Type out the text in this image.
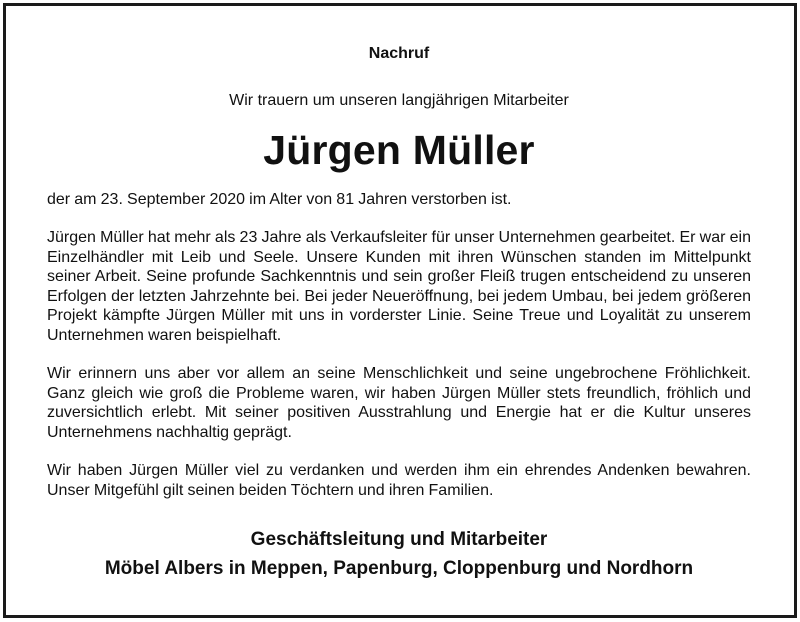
Nachruf
Wir trauern um unseren langjährigen Mitarbeiter
Jürgen Müller
der am 23. September 2020 im Alter von 81 Jahren verstorben ist.
Jürgen Müller hat mehr als 23 Jahre als Verkaufsleiter für unser Unternehmen gearbeitet. Er war ein Einzelhändler mit Leib und Seele. Unsere Kunden mit ihren Wünschen standen im Mittelpunkt seiner Arbeit. Seine profunde Sachkenntnis und sein großer Fleiß trugen entscheidend zu unseren Erfolgen der letzten Jahrzehnte bei. Bei jeder Neueröffnung, bei jedem Umbau, bei jedem größeren Projekt kämpfte Jürgen Müller mit uns in vorderster Linie. Seine Treue und Loyalität zu unserem Unternehmen waren beispielhaft.
Wir erinnern uns aber vor allem an seine Menschlichkeit und seine ungebrochene Fröhlichkeit. Ganz gleich wie groß die Probleme waren, wir haben Jürgen Müller stets freundlich, fröhlich und zuversichtlich erlebt. Mit seiner positiven Ausstrahlung und Energie hat er die Kultur unseres Unternehmens nachhaltig geprägt.
Wir haben Jürgen Müller viel zu verdanken und werden ihm ein ehrendes Andenken bewahren. Unser Mitgefühl gilt seinen beiden Töchtern und ihren Familien.
Geschäftsleitung und Mitarbeiter
Möbel Albers in Meppen, Papenburg, Cloppenburg und Nordhorn
